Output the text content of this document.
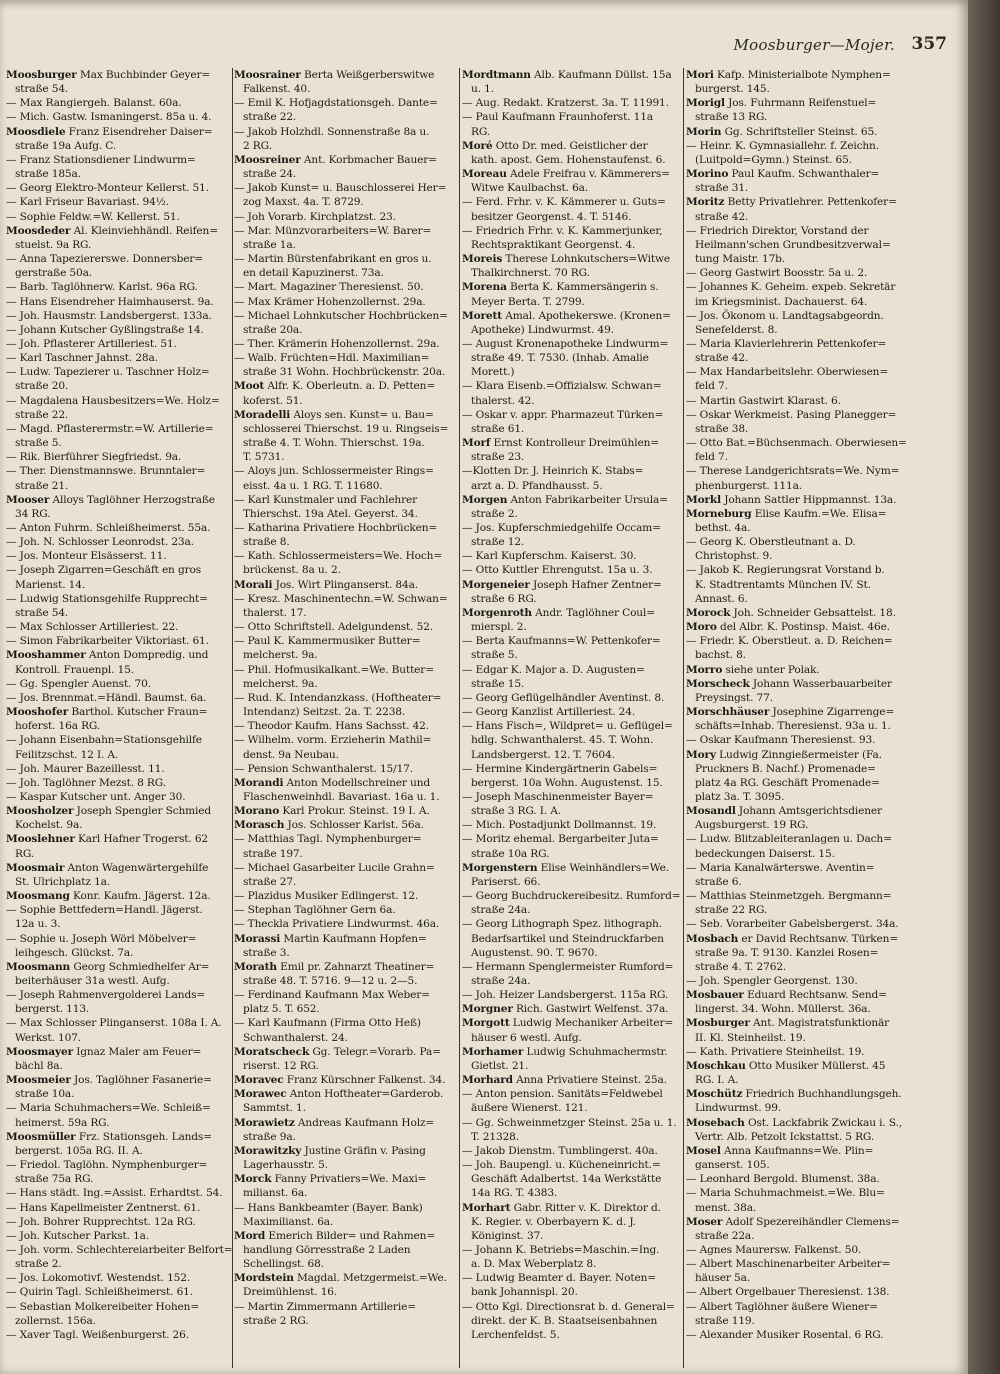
Moosburger—Mojer. 357
Moosburger Max Buchbinder Geyer=
straße 54.
— Max Rangiergeh. Balanst. 60a.
— Mich. Gastw. Ismaningerst. 85a u. 4.
Moosdiele Franz Eisendreher Daiser=
straße 19a Aufg. C.
— Franz Stationsdiener Lindwurm=
straße 185a.
— Georg Elektro-Monteur Kellerst. 51.
— Karl Friseur Bavariast. 94½.
— Sophie Feldw.=W. Kellerst. 51.
Moosdeder Al. Kleinviehhändl. Reifen=
stuelst. 9a RG.
— Anna Tapeziererswe. Donnersber=
gerstraße 50a.
— Barb. Taglöhnerw. Karlst. 96a RG.
— Hans Eisendreher Haimhauserst. 9a.
— Joh. Hausmstr. Landsbergerst. 133a.
— Johann Kutscher Gyßlingstraße 14.
— Joh. Pflasterer Artilleriest. 51.
— Karl Taschner Jahnst. 28a.
— Ludw. Tapezierer u. Taschner Holz=
straße 20.
— Magdalena Hausbesitzers=We. Holz=
straße 22.
— Magd. Pflasterermstr.=W. Artillerie=
straße 5.
— Rik. Bierführer Siegfriedst. 9a.
— Ther. Dienstmannswe. Brunntaler=
straße 21.
Mooser Alloys Taglöhner Herzogstraße
34 RG.
— Anton Fuhrm. Schleißheimerst. 55a.
— Joh. N. Schlosser Leonrodst. 23a.
— Jos. Monteur Elsässerst. 11.
— Joseph Zigarren=Geschäft en gros
Marienst. 14.
— Ludwig Stationsgehilfe Rupprecht=
straße 54.
— Max Schlosser Artilleriest. 22.
— Simon Fabrikarbeiter Viktoriast. 61.
Mooshammer Anton Dompredig. und
Kontroll. Frauenpl. 15.
— Gg. Spengler Auenst. 70.
— Jos. Brennmat.=Händl. Baumst. 6a.
Mooshofer Barthol. Kutscher Fraun=
hoferst. 16a RG.
— Johann Eisenbahn=Stationsgehilfe
Feilitzschst. 12 I. A.
— Joh. Maurer Bazeillesst. 11.
— Joh. Taglöhner Mezst. 8 RG.
— Kaspar Kutscher unt. Anger 30.
Moosholzer Joseph Spengler Schmied
Kochelst. 9a.
Mooslehner Karl Hafner Trogerst. 62
RG.
Moosmair Anton Wagenwärtergehilfe
St. Ulrichplatz 1a.
Moosmang Konr. Kaufm. Jägerst. 12a.
— Sophie Bettfedern=Handl. Jägerst.
12a u. 3.
— Sophie u. Joseph Wörl Möbelver=
leihgesch. Glückst. 7a.
Moosmann Georg Schmiedhelfer Ar=
beiterhäuser 31a westl. Aufg.
— Joseph Rahmenvergolderei Lands=
bergerst. 113.
— Max Schlosser Plinganserst. 108a I. A.
Werkst. 107.
Moosmayer Ignaz Maler am Feuer=
bächl 8a.
Moosmeier Jos. Taglöhner Fasanerie=
straße 10a.
— Maria Schuhmachers=We. Schleiß=
heimerst. 59a RG.
Moosmüller Frz. Stationsgeh. Lands=
bergerst. 105a RG. II. A.
— Friedol. Taglöhn. Nymphenburger=
straße 75a RG.
— Hans städt. Ing.=Assist. Erhardtst. 54.
— Hans Kapellmeister Zentnerst. 61.
— Joh. Bohrer Rupprechtst. 12a RG.
— Joh. Kutscher Parkst. 1a.
— Joh. vorm. Schlechtereiarbeiter Belfort=
straße 2.
— Jos. Lokomotivf. Westendst. 152.
— Quirin Tagl. Schleißheimerst. 61.
— Sebastian Molkereibeiter Hohen=
zollernst. 156a.
— Xaver Tagl. Weißenburgerst. 26.
Moosrainer Berta Weißgerberswitwe
Falkenst. 40.
— Emil K. Hofjagdstationsgeh. Dante=
straße 22.
— Jakob Holzhdl. Sonnenstraße 8a u.
2 RG.
Moosreiner Ant. Korbmacher Bauer=
straße 24.
— Jakob Kunst= u. Bauschlosserei Her=
zog Maxst. 4a. T. 8729.
— Joh Vorarb. Kirchplatzst. 23.
— Mar. Münzvorarbeiters=W. Barer=
straße 1a.
— Martin Bürstenfabrikant en gros u.
en detail Kapuzinerst. 73a.
— Mart. Magaziner Theresienst. 50.
— Max Krämer Hohenzollernst. 29a.
— Michael Lohnkutscher Hochbrücken=
straße 20a.
— Ther. Krämerin Hohenzollernst. 29a.
— Walb. Früchten=Hdl. Maximilian=
straße 31 Wohn. Hochbrückenstr. 20a.
Moot Alfr. K. Oberleutn. a. D. Petten=
koferst. 51.
Moradelli Aloys sen. Kunst= u. Bau=
schlosserei Thierschst. 19 u. Ringseis=
straße 4. T. Wohn. Thierschst. 19a.
T. 5731.
— Aloys jun. Schlossermeister Rings=
eisst. 4a u. 1 RG. T. 11680.
— Karl Kunstmaler und Fachlehrer
Thierschst. 19a Atel. Geyerst. 34.
— Katharina Privatiere Hochbrücken=
straße 8.
— Kath. Schlossermeisters=We. Hoch=
brückenst. 8a u. 2.
Morali Jos. Wirt Plinganserst. 84a.
— Kresz. Maschinentechn.=W. Schwan=
thalerst. 17.
— Otto Schriftstell. Adelgundenst. 52.
— Paul K. Kammermusiker Butter=
melcherst. 9a.
— Phil. Hofmusikalkant.=We. Butter=
melcherst. 9a.
— Rud. K. Intendanzkass. (Hoftheater=
Intendanz) Seitzst. 2a. T. 2238.
— Theodor Kaufm. Hans Sachsst. 42.
— Wilhelm. vorm. Erzieherin Mathil=
denst. 9a Neubau.
— Pension Schwanthalerst. 15/17.
Morandi Anton Modellschreiner und
Flaschenweinhdl. Bavariast. 16a u. 1.
Morano Karl Prokur. Steinst. 19 I. A.
Morasch Jos. Schlosser Karlst. 56a.
— Matthias Tagl. Nymphenburger=
straße 197.
— Michael Gasarbeiter Lucile Grahn=
straße 27.
— Plazidus Musiker Edlingerst. 12.
— Stephan Taglöhner Gern 6a.
— Theckla Privatiere Lindwurmst. 46a.
Morassi Martin Kaufmann Hopfen=
straße 3.
Morath Emil pr. Zahnarzt Theatiner=
straße 48. T. 5716. 9—12 u. 2—5.
— Ferdinand Kaufmann Max Weber=
platz 5. T. 652.
— Karl Kaufmann (Firma Otto Heß)
Schwanthalerst. 24.
Moratscheck Gg. Telegr.=Vorarb. Pa=
riserst. 12 RG.
Moravec Franz Kürschner Falkenst. 34.
Morawec Anton Hoftheater=Garderob.
Sammtst. 1.
Morawietz Andreas Kaufmann Holz=
straße 9a.
Morawitzky Justine Gräfin v. Pasing
Lagerhausstr. 5.
Morck Fanny Privatiers=We. Maxi=
milianst. 6a.
— Hans Bankbeamter (Bayer. Bank)
Maximilianst. 6a.
Mord Emerich Bilder= und Rahmen=
handlung Görresstraße 2 Laden
Schellingst. 68.
Mordstein Magdal. Metzgermeist.=We.
Dreimühlenst. 16.
— Martin Zimmermann Artillerie=
straße 2 RG.
Mordtmann Alb. Kaufmann Düllst. 15a
u. 1.
— Aug. Redakt. Kratzerst. 3a. T. 11991.
— Paul Kaufmann Fraunhoferst. 11a
RG.
Moré Otto Dr. med. Geistlicher der
kath. apost. Gem. Hohenstaufenst. 6.
Moreau Adele Freifrau v. Kämmerers=
Witwe Kaulbachst. 6a.
— Ferd. Frhr. v. K. Kämmerer u. Guts=
besitzer Georgenst. 4. T. 5146.
— Friedrich Frhr. v. K. Kammerjunker,
Rechtspraktikant Georgenst. 4.
Moreis Therese Lohnkutschers=Witwe
Thalkirchnerst. 70 RG.
Morena Berta K. Kammersängerin s.
Meyer Berta. T. 2799.
Morett Amal. Apothekerswe. (Kronen=
Apotheke) Lindwurmst. 49.
— August Kronenapotheke Lindwurm=
straße 49. T. 7530. (Inhab. Amalie
Morett.)
— Klara Eisenb.=Offizialsw. Schwan=
thalerst. 42.
— Oskar v. appr. Pharmazeut Türken=
straße 61.
Morf Ernst Kontrolleur Dreimühlen=
straße 23.
—Klotten Dr. J. Heinrich K. Stabs=
arzt a. D. Pfandhausst. 5.
Morgen Anton Fabrikarbeiter Ursula=
straße 2.
— Jos. Kupferschmiedgehilfe Occam=
straße 12.
— Karl Kupferschm. Kaiserst. 30.
— Otto Kuttler Ehrengutst. 15a u. 3.
Morgeneier Joseph Hafner Zentner=
straße 6 RG.
Morgenroth Andr. Taglöhner Coul=
mierspl. 2.
— Berta Kaufmanns=W. Pettenkofer=
straße 5.
— Edgar K. Major a. D. Augusten=
straße 15.
— Georg Geflügelhändler Aventinst. 8.
— Georg Kanzlist Artilleriest. 24.
— Hans Fisch=, Wildpret= u. Geflügel=
hdlg. Schwanthalerst. 45. T. Wohn.
Landsbergerst. 12. T. 7604.
— Hermine Kindergärtnerin Gabels=
bergerst. 10a Wohn. Augustenst. 15.
— Joseph Maschinenmeister Bayer=
straße 3 RG. I. A.
— Mich. Postadjunkt Dollmannst. 19.
— Moritz ehemal. Bergarbeiter Juta=
straße 10a RG.
Morgenstern Elise Weinhändlers=We.
Pariserst. 66.
— Georg Buchdruckereibesitz. Rumford=
straße 24a.
— Georg Lithograph Spez. lithograph.
Bedarfsartikel und Steindruckfarben
Augustenst. 90. T. 9670.
— Hermann Spenglermeister Rumford=
straße 24a.
— Joh. Heizer Landsbergerst. 115a RG.
Morgner Rich. Gastwirt Welfenst. 37a.
Morgott Ludwig Mechaniker Arbeiter=
häuser 6 westl. Aufg.
Morhamer Ludwig Schuhmachermstr.
Gietlst. 21.
Morhard Anna Privatiere Steinst. 25a.
— Anton pension. Sanitäts=Feldwebel
äußere Wienerst. 121.
— Gg. Schweinmetzger Steinst. 25a u. 1.
T. 21328.
— Jakob Dienstm. Tumblingerst. 40a.
— Joh. Baupengl. u. Kücheneinricht.=
Geschäft Adalbertst. 14a Werkstätte
14a RG. T. 4383.
Morhart Gabr. Ritter v. K. Direktor d.
K. Regier. v. Oberbayern K. d. J.
Königinst. 37.
— Johann K. Betriebs=Maschin.=Ing.
a. D. Max Weberplatz 8.
— Ludwig Beamter d. Bayer. Noten=
bank Johannispl. 20.
— Otto Kgl. Directionsrat b. d. General=
direkt. der K. B. Staatseisenbahnen
Lerchenfeldst. 5.
Mori Kafp. Ministerialbote Nymphen=
burgerst. 145.
Morigl Jos. Fuhrmann Reifenstuel=
straße 13 RG.
Morin Gg. Schriftsteller Steinst. 65.
— Heinr. K. Gymnasiallehr. f. Zeichn.
(Luitpold=Gymn.) Steinst. 65.
Morino Paul Kaufm. Schwanthaler=
straße 31.
Moritz Betty Privatlehrer. Pettenkofer=
straße 42.
— Friedrich Direktor, Vorstand der
Heilmann'schen Grundbesitzverwal=
tung Maistr. 17b.
— Georg Gastwirt Boosstr. 5a u. 2.
— Johannes K. Geheim. expeb. Sekretär
im Kriegsminist. Dachauerst. 64.
— Jos. Ökonom u. Landtagsabgeordn.
Senefelderst. 8.
— Maria Klavierlehrerin Pettenkofer=
straße 42.
— Max Handarbeitslehr. Oberwiesen=
feld 7.
— Martin Gastwirt Klarast. 6.
— Oskar Werkmeist. Pasing Planegger=
straße 38.
— Otto Bat.=Büchsenmach. Oberwiesen=
feld 7.
— Therese Landgerichtsrats=We. Nym=
phenburgerst. 111a.
Morkl Johann Sattler Hippmannst. 13a.
Morneburg Elise Kaufm.=We. Elisa=
bethst. 4a.
— Georg K. Oberstleutnant a. D.
Christophst. 9.
— Jakob K. Regierungsrat Vorstand b.
K. Stadtrentamts München IV. St.
Annast. 6.
Morock Joh. Schneider Gebsattelst. 18.
Moro del Albr. K. Postinsp. Maist. 46e.
— Friedr. K. Oberstleut. a. D. Reichen=
bachst. 8.
Morro siehe unter Polak.
Morscheck Johann Wasserbauarbeiter
Preysingst. 77.
Morschhäuser Josephine Zigarrenge=
schäfts=Inhab. Theresienst. 93a u. 1.
— Oskar Kaufmann Theresienst. 93.
Mory Ludwig Zinngießermeister (Fa.
Pruckners B. Nachf.) Promenade=
platz 4a RG. Geschäft Promenade=
platz 3a. T. 3095.
Mosandl Johann Amtsgerichtsdiener
Augsburgerst. 19 RG.
— Ludw. Blitzableiteranlagen u. Dach=
bedeckungen Daiserst. 15.
— Maria Kanalwärterswe. Aventin=
straße 6.
— Matthias Steinmetzgeh. Bergmann=
straße 22 RG.
— Seb. Vorarbeiter Gabelsbergerst. 34a.
Mosbach er David Rechtsanw. Türken=
straße 9a. T. 9130. Kanzlei Rosen=
straße 4. T. 2762.
— Joh. Spengler Georgenst. 130.
Mosbauer Eduard Rechtsanw. Send=
lingerst. 34. Wohn. Müllerst. 36a.
Mosburger Ant. Magistratsfunktionär
II. Kl. Steinheilst. 19.
— Kath. Privatiere Steinheilst. 19.
Moschkau Otto Musiker Müllerst. 45
RG. I. A.
Moschütz Friedrich Buchhandlungsgeh.
Lindwurmst. 99.
Mosebach Ost. Lackfabrik Zwickau i. S.,
Vertr. Alb. Petzolt Ickstattst. 5 RG.
Mosel Anna Kaufmanns=We. Plin=
ganserst. 105.
— Leonhard Bergold. Blumenst. 38a.
— Maria Schuhmachmeist.=We. Blu=
menst. 38a.
Moser Adolf Spezereihändler Clemens=
straße 22a.
— Agnes Maurersw. Falkenst. 50.
— Albert Maschinenarbeiter Arbeiter=
häuser 5a.
— Albert Orgelbauer Theresienst. 138.
— Albert Taglöhner äußere Wiener=
straße 119.
— Alexander Musiker Rosental. 6 RG.
